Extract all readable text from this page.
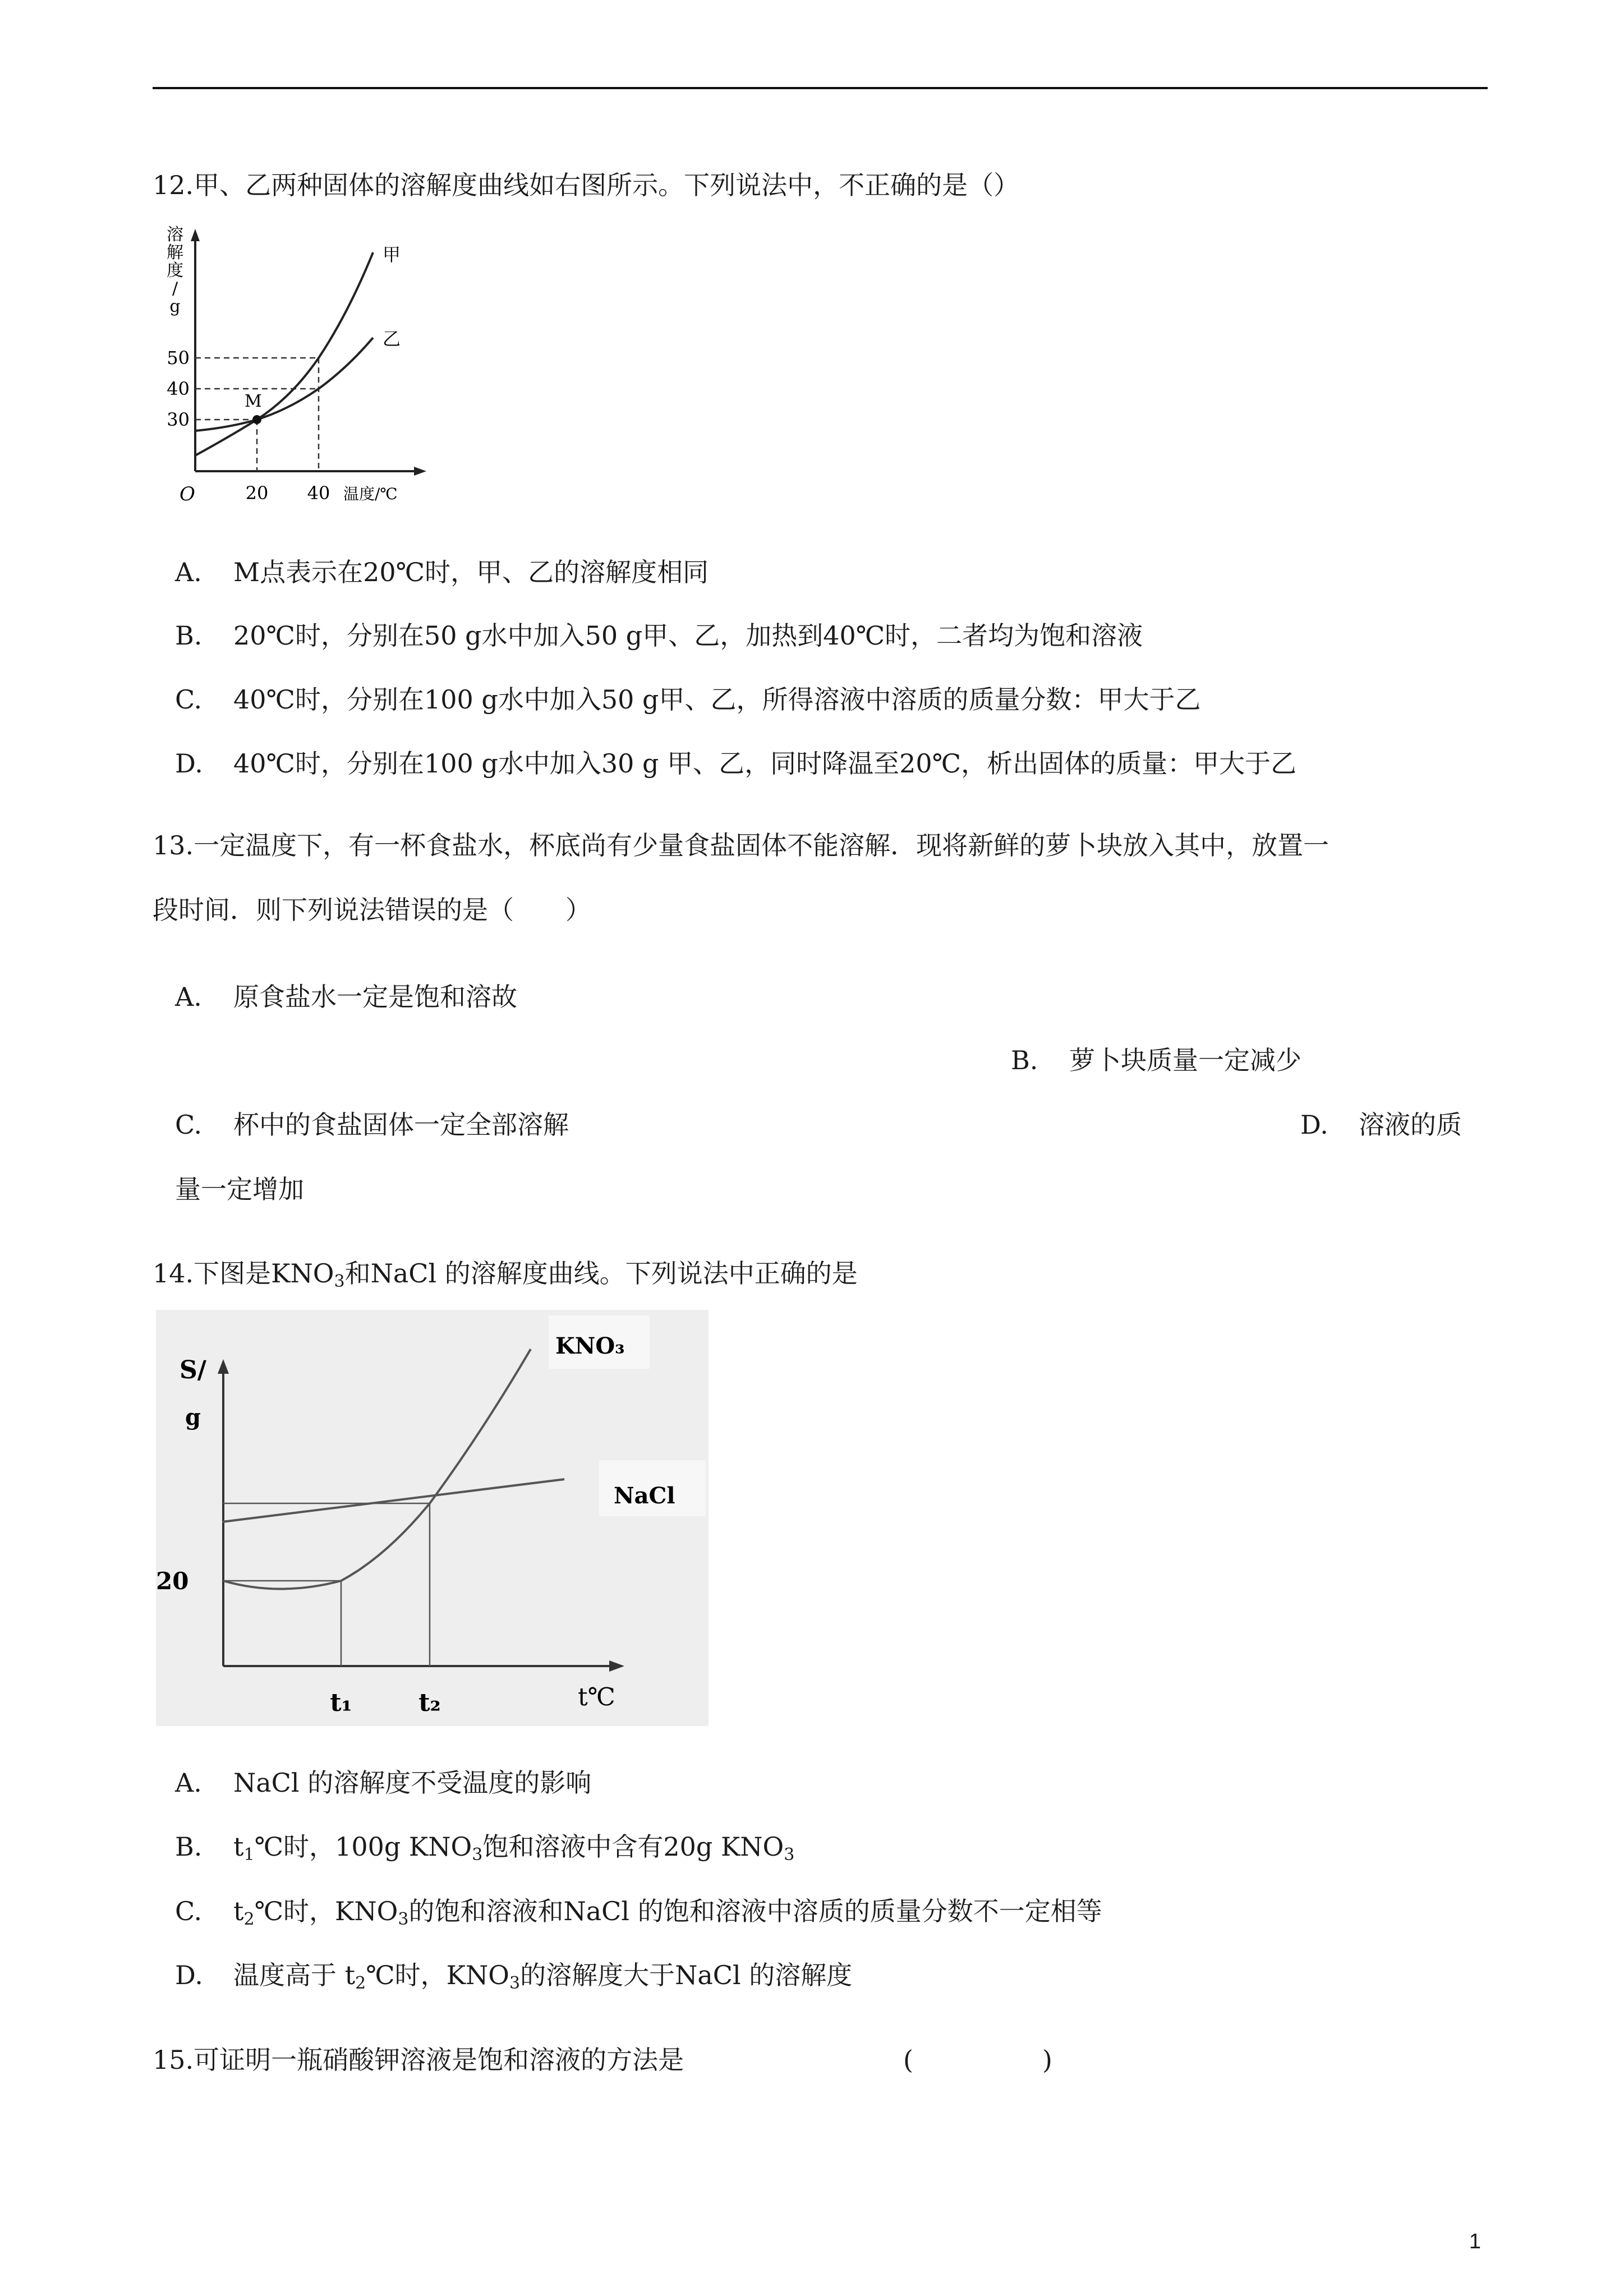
12.甲、乙两种固体的溶解度曲线如右图所示。下列说法中，不正确的是（）
溶
解
度
/
g
M
甲
乙
50
40
30
O	20 40 温度/℃
A. M点表示在20℃时，甲、乙的溶解度相同
B. 20℃时，分别在50 g水中加入50 g甲、乙，加热到40℃时，二者均为饱和溶液
C. 40℃时，分别在100 g水中加入50 g甲、乙，所得溶液中溶质的质量分数：甲大于乙
D. 40℃时，分别在100 g水中加入30 g 甲、乙，同时降温至20℃，析出固体的质量：甲大于乙
13.一定温度下，有一杯食盐水，杯底尚有少量食盐固体不能溶解．现将新鲜的萝卜块放入其中，放置一
段时间．则下列说法错误的是（　　）
A. 原食盐水一定是饱和溶故
B. 萝卜块质量一定减少
C. 杯中的食盐固体一定全部溶解	D. 溶液的质
量一定增加
14.下图是$KNO_3$和NaCl 的溶解度曲线。下列说法中正确的是
S/
g
20
KNO₃
NaCl
t₁	t₂	t℃
A. NaCl 的溶解度不受温度的影响
B. $t_1℃$时，100g $KNO_3$饱和溶液中含有20g $KNO_3$
C. $t_2℃$时，$KNO_3$的饱和溶液和NaCl 的饱和溶液中溶质的质量分数不一定相等
D. 温度高于 $t_2℃$时，$KNO_3$的溶解度大于NaCl 的溶解度
15.可证明一瓶硝酸钾溶液是饱和溶液的方法是	(　　　　　)
1
